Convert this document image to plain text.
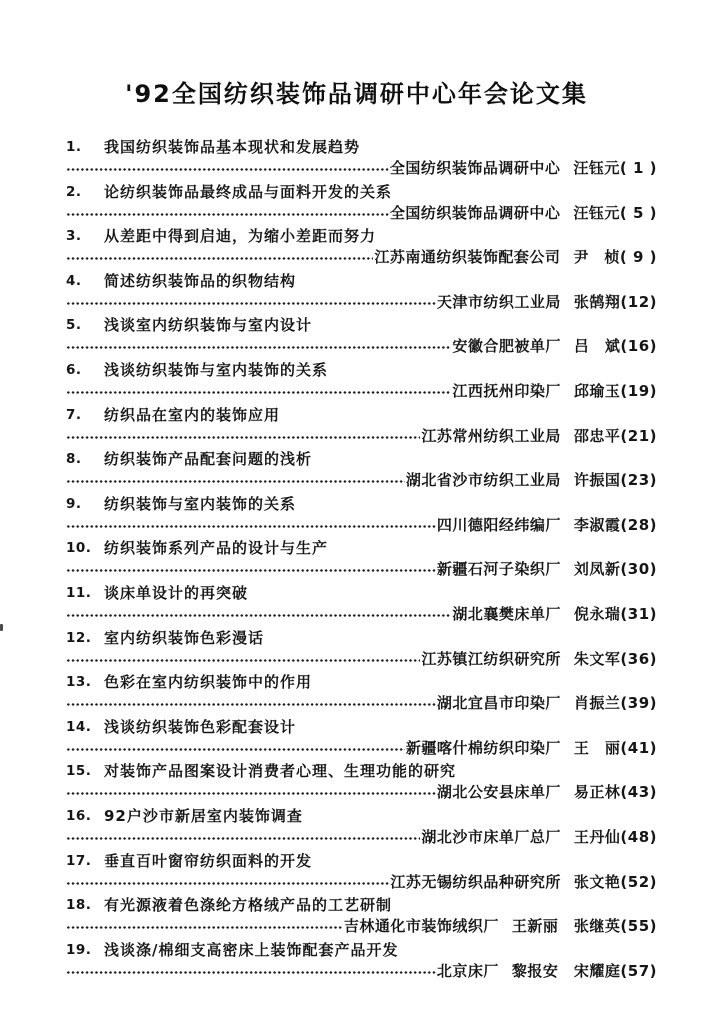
'92全国纺织装饰品调研中心年会论文集
1.	我国纺织装饰品基本现状和发展趋势
全国纺织装饰品调研中心 汪钰元 ( 1 )
2.	论纺织装饰品最终成品与面料开发的关系
全国纺织装饰品调研中心 汪钰元 ( 5 )
3.	从差距中得到启迪，为缩小差距而努力
江苏南通纺织装饰配套公司 尹　桢 ( 9 )
4.	简述纺织装饰品的织物结构
天津市纺织工业局 张鹄翔 (12)
5.	浅谈室内纺织装饰与室内设计
安徽合肥被单厂 吕　斌 (16)
6.	浅谈纺织装饰与室内装饰的关系
江西抚州印染厂 邱瑜玉 (19)
7.	纺织品在室内的装饰应用
江苏常州纺织工业局 邵忠平 (21)
8.	纺织装饰产品配套问题的浅析
湖北省沙市纺织工业局 许振国 (23)
9.	纺织装饰与室内装饰的关系
四川德阳经纬编厂 李淑霞 (28)
10. 纺织装饰系列产品的设计与生产
新疆石河子染织厂 刘凤新 (30)
11. 谈床单设计的再突破
湖北襄樊床单厂 倪永瑞 (31)
12. 室内纺织装饰色彩漫话
江苏镇江纺织研究所 朱文军 (36)
13. 色彩在室内纺织装饰中的作用
湖北宜昌市印染厂 肖振兰 (39)
14. 浅谈纺织装饰色彩配套设计
新疆喀什棉纺织印染厂 王　丽 (41)
15. 对装饰产品图案设计消费者心理、生理功能的研究
湖北公安县床单厂 易正林 (43)
16. 92户沙市新居室内装饰调查
湖北沙市床单厂总厂 王丹仙 (48)
17. 垂直百叶窗帘纺织面料的开发
江苏无锡纺织品种研究所 张文艳 (52)
18. 有光源液着色涤纶方格绒产品的工艺研制
吉林通化市装饰绒织厂 王新丽　张继英 (55)
19. 浅谈涤/棉细支高密床上装饰配套产品开发
北京床厂 黎报安　宋耀庭 (57)
